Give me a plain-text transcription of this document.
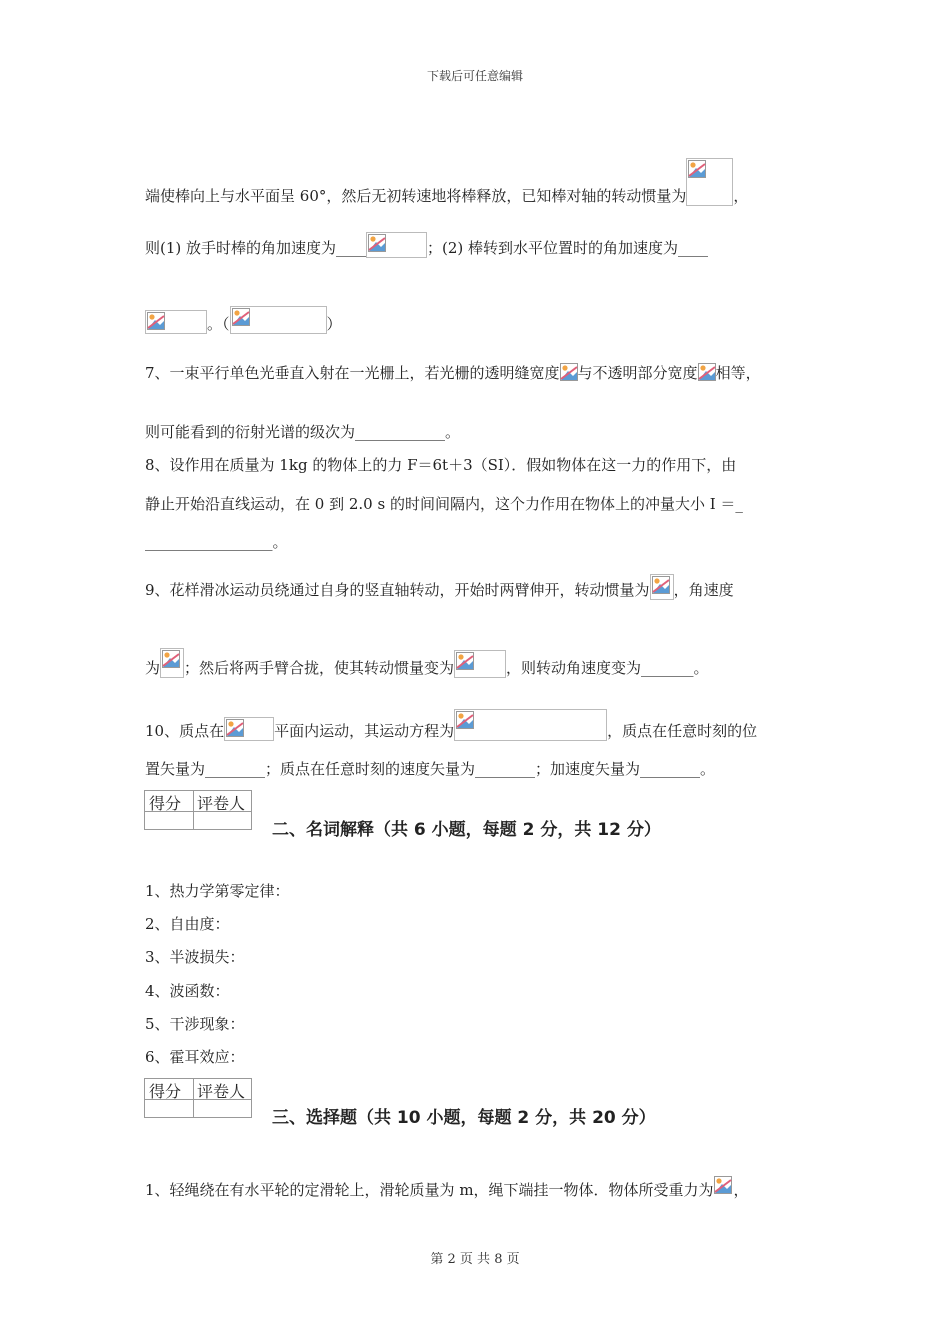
下载后可任意编辑
端使棒向上与水平面呈 60°，然后无初转速地将棒释放，已知棒对轴的转动惯量为	，
则(1) 放手时棒的角加速度为____	；(2) 棒转到水平位置时的角加速度为____
。（	）
7、一束平行单色光垂直入射在一光栅上，若光栅的透明缝宽度 与不透明部分宽度 相等，
则可能看到的衍射光谱的级次为____________。
8、设作用在质量为 1kg 的物体上的力 F＝6t＋3（SI）．假如物体在这一力的作用下，由
静止开始沿直线运动，在 0 到 2.0 s 的时间间隔内，这个力作用在物体上的冲量大小 I ＝_
_________________。
9、花样滑冰运动员绕通过自身的竖直轴转动，开始时两臂伸开，转动惯量为 ，角速度
为 ；然后将两手臂合拢，使其转动惯量变为	，则转动角速度变为_______。
10、质点在	平面内运动，其运动方程为	，质点在任意时刻的位
置矢量为________；质点在任意时刻的速度矢量为________；加速度矢量为________。
得分 评卷人
二、名词解释（共 6 小题，每题 2 分，共 12 分）
1、热力学第零定律：
2、自由度：
3、半波损失：
4、波函数：
5、干涉现象：
6、霍耳效应：
得分 评卷人
三、选择题（共 10 小题，每题 2 分，共 20 分）
1、轻绳绕在有水平轮的定滑轮上，滑轮质量为 m，绳下端挂一物体．物体所受重力为 ，
第 2 页 共 8 页
